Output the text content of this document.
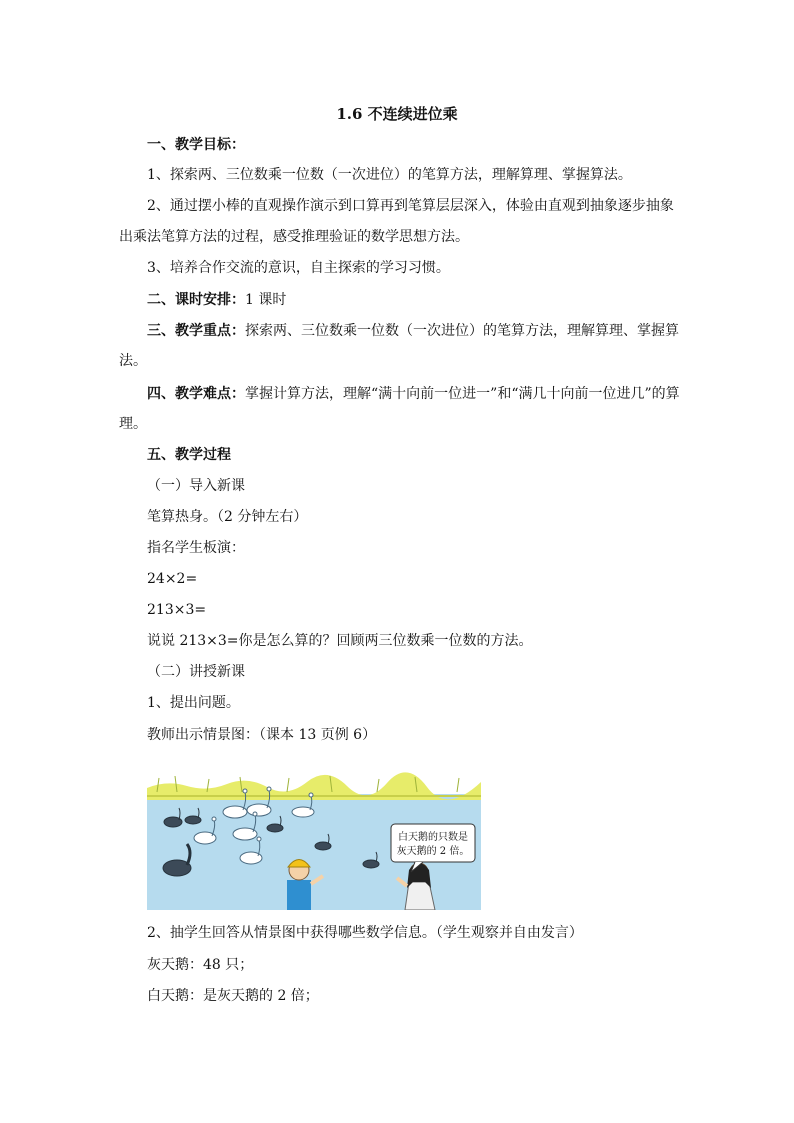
1.6 不连续进位乘
一、教学目标：
1、探索两、三位数乘一位数（一次进位）的笔算方法，理解算理、掌握算法。
2、通过摆小棒的直观操作演示到口算再到笔算层层深入，体验由直观到抽象逐步抽象
出乘法笔算方法的过程，感受推理验证的数学思想方法。
3、培养合作交流的意识，自主探索的学习习惯。
二、课时安排：1 课时
三、教学重点：探索两、三位数乘一位数（一次进位）的笔算方法，理解算理、掌握算
法。
四、教学难点：掌握计算方法，理解“满十向前一位进一”和“满几十向前一位进几”的算
理。
五、教学过程
（一）导入新课
笔算热身。（2 分钟左右）
指名学生板演：
24×2=
213×3=
说说 213×3=你是怎么算的？回顾两三位数乘一位数的方法。
（二）讲授新课
1、提出问题。
教师出示情景图：（课本 13 页例 6）
白天鹅的只数是
灰天鹅的 2 倍。
2、抽学生回答从情景图中获得哪些数学信息。（学生观察并自由发言）
灰天鹅：48 只；
白天鹅：是灰天鹅的 2 倍；
